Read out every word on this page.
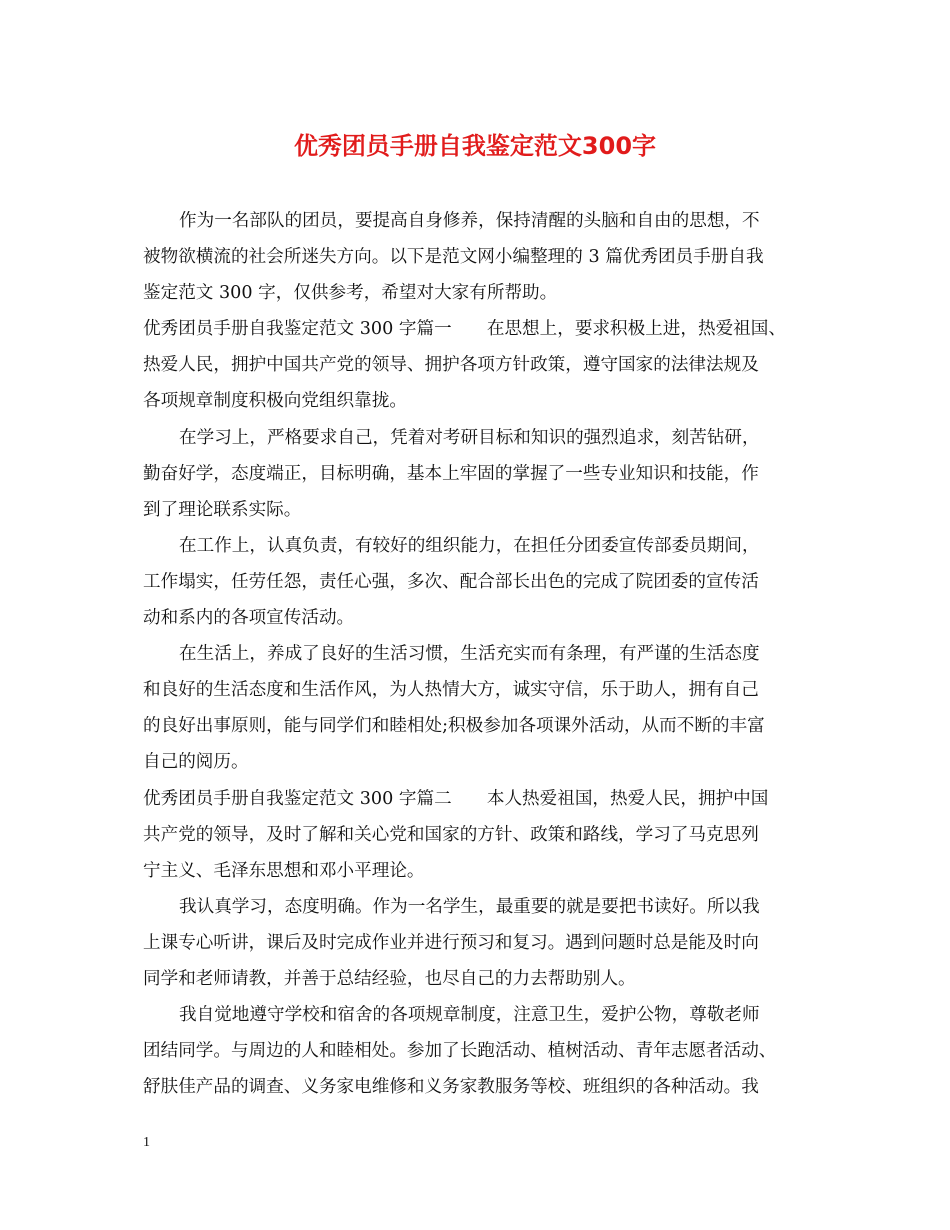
优秀团员手册自我鉴定范文300字
作为一名部队的团员，要提高自身修养，保持清醒的头脑和自由的思想，不
被物欲横流的社会所迷失方向。以下是范文网小编整理的 3 篇优秀团员手册自我
鉴定范文 300 字，仅供参考，希望对大家有所帮助。
优秀团员手册自我鉴定范文 300 字篇一　　在思想上，要求积极上进，热爱祖国、
热爱人民，拥护中国共产党的领导、拥护各项方针政策，遵守国家的法律法规及
各项规章制度积极向党组织靠拢。
在学习上，严格要求自己，凭着对考研目标和知识的强烈追求，刻苦钻研，
勤奋好学，态度端正，目标明确，基本上牢固的掌握了一些专业知识和技能，作
到了理论联系实际。
在工作上，认真负责，有较好的组织能力，在担任分团委宣传部委员期间，
工作塌实，任劳任怨，责任心强，多次、配合部长出色的完成了院团委的宣传活
动和系内的各项宣传活动。
在生活上，养成了良好的生活习惯，生活充实而有条理，有严谨的生活态度
和良好的生活态度和生活作风，为人热情大方，诚实守信，乐于助人，拥有自己
的良好出事原则，能与同学们和睦相处;积极参加各项课外活动，从而不断的丰富
自己的阅历。
优秀团员手册自我鉴定范文 300 字篇二　　本人热爱祖国，热爱人民，拥护中国
共产党的领导，及时了解和关心党和国家的方针、政策和路线，学习了马克思列
宁主义、毛泽东思想和邓小平理论。
我认真学习，态度明确。作为一名学生，最重要的就是要把书读好。所以我
上课专心听讲，课后及时完成作业并进行预习和复习。遇到问题时总是能及时向
同学和老师请教，并善于总结经验，也尽自己的力去帮助别人。
我自觉地遵守学校和宿舍的各项规章制度，注意卫生，爱护公物，尊敬老师
团结同学。与周边的人和睦相处。参加了长跑活动、植树活动、青年志愿者活动、
舒肤佳产品的调查、义务家电维修和义务家教服务等校、班组织的各种活动。我
1
